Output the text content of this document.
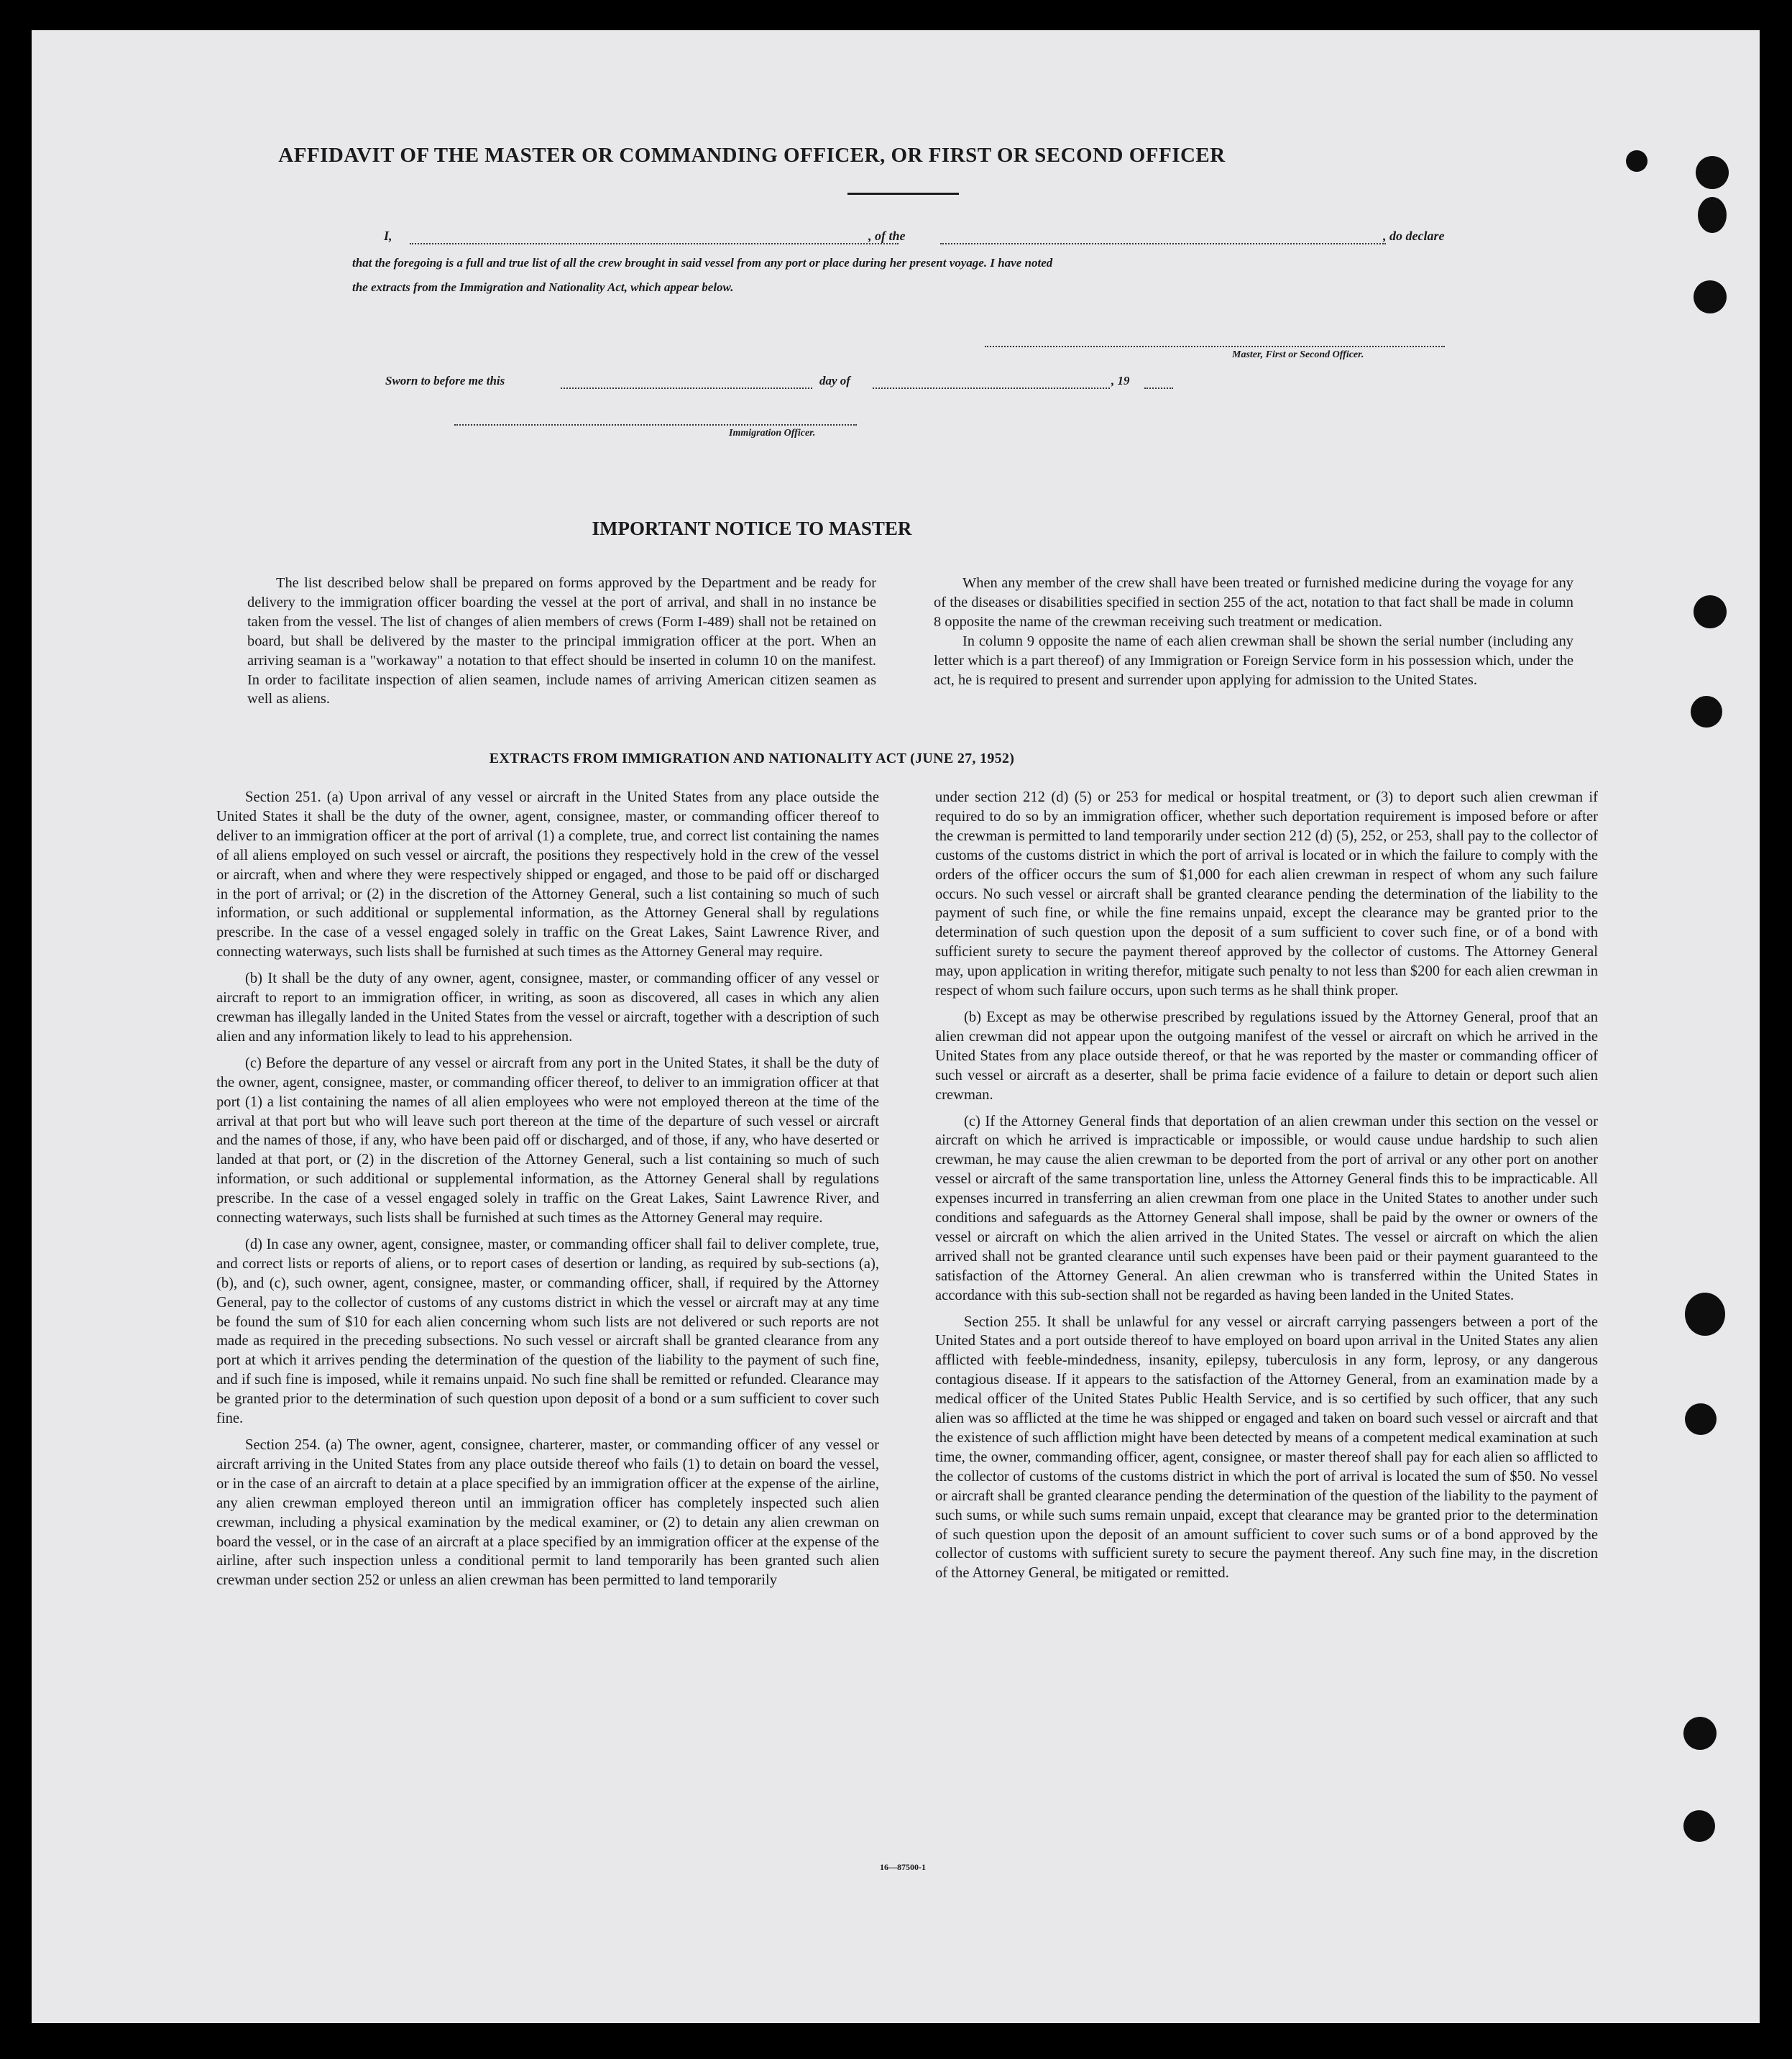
AFFIDAVIT OF THE MASTER OR COMMANDING OFFICER, OR FIRST OR SECOND OFFICER
I,	, of the	, do declare
that the foregoing is a full and true list of all the crew brought in said vessel from any port or place during her present voyage. I have noted
the extracts from the Immigration and Nationality Act, which appear below.
Master, First or Second Officer.
Sworn to before me this	day of	, 19
Immigration Officer.
IMPORTANT NOTICE TO MASTER

The list described below shall be prepared on forms approved by the Department and be ready for delivery to the immigration officer boarding the vessel at the port of arrival, and shall in no instance be taken from the vessel. The list of changes of alien members of crews (Form I-489) shall not be retained on board, but shall be delivered by the master to the principal immigration officer at the port. When an arriving seaman is a "workaway" a notation to that effect should be inserted in column 10 on the manifest. In order to facilitate inspection of alien seamen, include names of arriving American citizen seamen as well as aliens.

When any member of the crew shall have been treated or furnished medicine during the voyage for any of the diseases or disabilities specified in section 255 of the act, notation to that fact shall be made in column 8 opposite the name of the crewman receiving such treatment or medication.

In column 9 opposite the name of each alien crewman shall be shown the serial number (including any letter which is a part thereof) of any Immigration or Foreign Service form in his possession which, under the act, he is required to present and surrender upon applying for admission to the United States.

EXTRACTS FROM IMMIGRATION AND NATIONALITY ACT (JUNE 27, 1952)

Section 251. (a) Upon arrival of any vessel or aircraft in the United States from any place outside the United States it shall be the duty of the owner, agent, consignee, master, or commanding officer thereof to deliver to an immigration officer at the port of arrival (1) a complete, true, and correct list containing the names of all aliens employed on such vessel or aircraft, the positions they respectively hold in the crew of the vessel or aircraft, when and where they were respectively shipped or engaged, and those to be paid off or discharged in the port of arrival; or (2) in the discretion of the Attorney General, such a list containing so much of such information, or such additional or supplemental information, as the Attorney General shall by regulations prescribe. In the case of a vessel engaged solely in traffic on the Great Lakes, Saint Lawrence River, and connecting waterways, such lists shall be furnished at such times as the Attorney General may require.

(b) It shall be the duty of any owner, agent, consignee, master, or commanding officer of any vessel or aircraft to report to an immigration officer, in writing, as soon as discovered, all cases in which any alien crewman has illegally landed in the United States from the vessel or aircraft, together with a description of such alien and any information likely to lead to his apprehension.

(c) Before the departure of any vessel or aircraft from any port in the United States, it shall be the duty of the owner, agent, consignee, master, or commanding officer thereof, to deliver to an immigration officer at that port (1) a list containing the names of all alien employees who were not employed thereon at the time of the arrival at that port but who will leave such port thereon at the time of the departure of such vessel or aircraft and the names of those, if any, who have been paid off or discharged, and of those, if any, who have deserted or landed at that port, or (2) in the discretion of the Attorney General, such a list containing so much of such information, or such additional or supplemental information, as the Attorney General shall by regulations prescribe. In the case of a vessel engaged solely in traffic on the Great Lakes, Saint Lawrence River, and connecting waterways, such lists shall be furnished at such times as the Attorney General may require.

(d) In case any owner, agent, consignee, master, or commanding officer shall fail to deliver complete, true, and correct lists or reports of aliens, or to report cases of desertion or landing, as required by sub-sections (a), (b), and (c), such owner, agent, consignee, master, or commanding officer, shall, if required by the Attorney General, pay to the collector of customs of any customs district in which the vessel or aircraft may at any time be found the sum of $10 for each alien concerning whom such lists are not delivered or such reports are not made as required in the preceding subsections. No such vessel or aircraft shall be granted clearance from any port at which it arrives pending the determination of the question of the liability to the payment of such fine, and if such fine is imposed, while it remains unpaid. No such fine shall be remitted or refunded. Clearance may be granted prior to the determination of such question upon deposit of a bond or a sum sufficient to cover such fine.

Section 254. (a) The owner, agent, consignee, charterer, master, or commanding officer of any vessel or aircraft arriving in the United States from any place outside thereof who fails (1) to detain on board the vessel, or in the case of an aircraft to detain at a place specified by an immigration officer at the expense of the airline, any alien crewman employed thereon until an immigration officer has completely inspected such alien crewman, including a physical examination by the medical examiner, or (2) to detain any alien crewman on board the vessel, or in the case of an aircraft at a place specified by an immigration officer at the expense of the airline, after such inspection unless a conditional permit to land temporarily has been granted such alien crewman under section 252 or unless an alien crewman has been permitted to land temporarily

under section 212 (d) (5) or 253 for medical or hospital treatment, or (3) to deport such alien crewman if required to do so by an immigration officer, whether such deportation requirement is imposed before or after the crewman is permitted to land temporarily under section 212 (d) (5), 252, or 253, shall pay to the collector of customs of the customs district in which the port of arrival is located or in which the failure to comply with the orders of the officer occurs the sum of $1,000 for each alien crewman in respect of whom any such failure occurs. No such vessel or aircraft shall be granted clearance pending the determination of the liability to the payment of such fine, or while the fine remains unpaid, except the clearance may be granted prior to the determination of such question upon the deposit of a sum sufficient to cover such fine, or of a bond with sufficient surety to secure the payment thereof approved by the collector of customs. The Attorney General may, upon application in writing therefor, mitigate such penalty to not less than $200 for each alien crewman in respect of whom such failure occurs, upon such terms as he shall think proper.

(b) Except as may be otherwise prescribed by regulations issued by the Attorney General, proof that an alien crewman did not appear upon the outgoing manifest of the vessel or aircraft on which he arrived in the United States from any place outside thereof, or that he was reported by the master or commanding officer of such vessel or aircraft as a deserter, shall be prima facie evidence of a failure to detain or deport such alien crewman.

(c) If the Attorney General finds that deportation of an alien crewman under this section on the vessel or aircraft on which he arrived is impracticable or impossible, or would cause undue hardship to such alien crewman, he may cause the alien crewman to be deported from the port of arrival or any other port on another vessel or aircraft of the same transportation line, unless the Attorney General finds this to be impracticable. All expenses incurred in transferring an alien crewman from one place in the United States to another under such conditions and safeguards as the Attorney General shall impose, shall be paid by the owner or owners of the vessel or aircraft on which the alien arrived in the United States. The vessel or aircraft on which the alien arrived shall not be granted clearance until such expenses have been paid or their payment guaranteed to the satisfaction of the Attorney General. An alien crewman who is transferred within the United States in accordance with this sub-section shall not be regarded as having been landed in the United States.

Section 255. It shall be unlawful for any vessel or aircraft carrying passengers between a port of the United States and a port outside thereof to have employed on board upon arrival in the United States any alien afflicted with feeble-mindedness, insanity, epilepsy, tuberculosis in any form, leprosy, or any dangerous contagious disease. If it appears to the satisfaction of the Attorney General, from an examination made by a medical officer of the United States Public Health Service, and is so certified by such officer, that any such alien was so afflicted at the time he was shipped or engaged and taken on board such vessel or aircraft and that the existence of such affliction might have been detected by means of a competent medical examination at such time, the owner, commanding officer, agent, consignee, or master thereof shall pay for each alien so afflicted to the collector of customs of the customs district in which the port of arrival is located the sum of $50. No vessel or aircraft shall be granted clearance pending the determination of the question of the liability to the payment of such sums, or while such sums remain unpaid, except that clearance may be granted prior to the determination of such question upon the deposit of an amount sufficient to cover such sums or of a bond approved by the collector of customs with sufficient surety to secure the payment thereof. Any such fine may, in the discretion of the Attorney General, be mitigated or remitted.

16—87500-1
